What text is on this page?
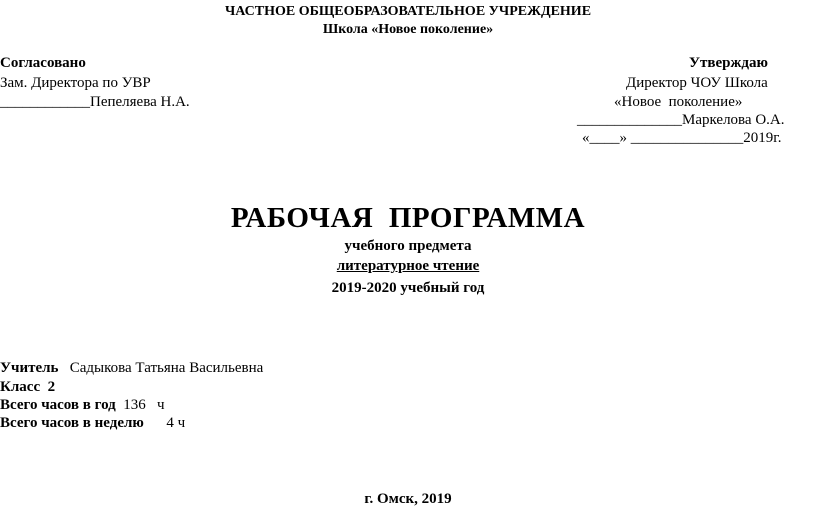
ЧАСТНОЕ ОБЩЕОБРАЗОВАТЕЛЬНОЕ УЧРЕЖДЕНИЕ
Школа «Новое поколение»
Согласовано
Зам. Директора по УВР
____________Пепеляева Н.А.
Утверждаю
Директор ЧОУ Школа
«Новое  поколение»
______________Маркелова О.А.
«____» _______________2019г.
РАБОЧАЯ  ПРОГРАММА
учебного предмета
литературное чтение
2019-2020 учебный год
Учитель Садыкова Татьяна Васильевна
Класс  2
Всего часов в год 136 ч
Всего часов в неделю 4 ч
г. Омск, 2019
